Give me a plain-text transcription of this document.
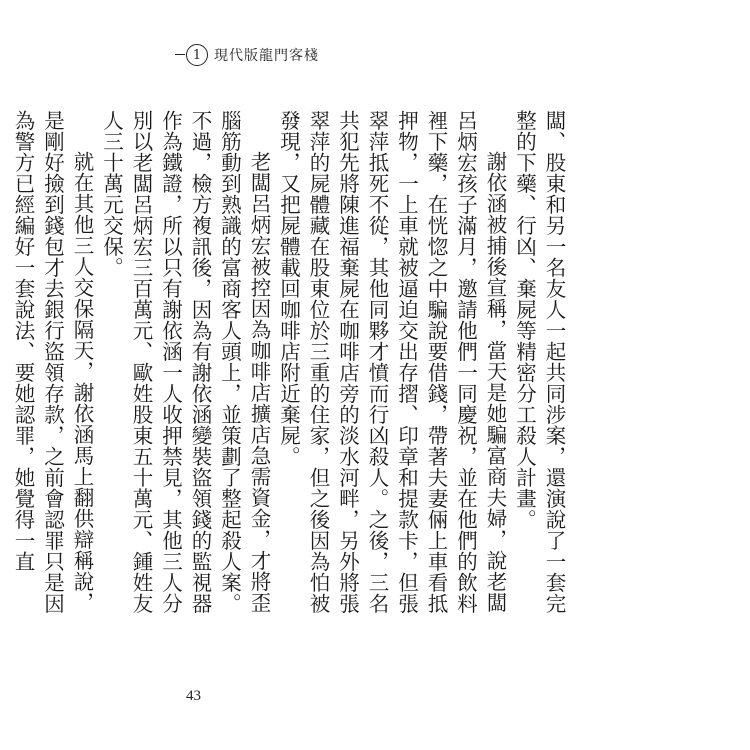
1 現代版龍門客棧

闆、股東和另一名友人一起共同涉案，還演說了一套完整的下藥、行凶、棄屍等精密分工殺人計畫。

謝依涵被捕後宣稱，當天是她騙富商夫婦，說老闆呂炳宏孩子滿月，邀請他們一同慶祝，並在他們的飲料裡下藥，在恍惚之中騙說要借錢，帶著夫妻倆上車看抵押物，一上車就被逼迫交出存摺、印章和提款卡，但張翠萍抵死不從，其他同夥才憤而行凶殺人。之後，三名共犯先將陳進福棄屍在咖啡店旁的淡水河畔，另外將張翠萍的屍體藏在股東位於三重的住家，但之後因為怕被發現，又把屍體載回咖啡店附近棄屍。

老闆呂炳宏被控因為咖啡店擴店急需資金，才將歪腦筋動到熟識的富商客人頭上，並策劃了整起殺人案。不過，檢方複訊後，因為有謝依涵變裝盜領錢的監視器作為鐵證，所以只有謝依涵一人收押禁見，其他三人分別以老闆呂炳宏三百萬元、歐姓股東五十萬元、鍾姓友人三十萬元交保。

就在其他三人交保隔天，謝依涵馬上翻供辯稱說，是剛好撿到錢包才去銀行盜領存款，之前會認罪只是因為警方已經編好一套說法、要她認罪，她覺得一直

43
